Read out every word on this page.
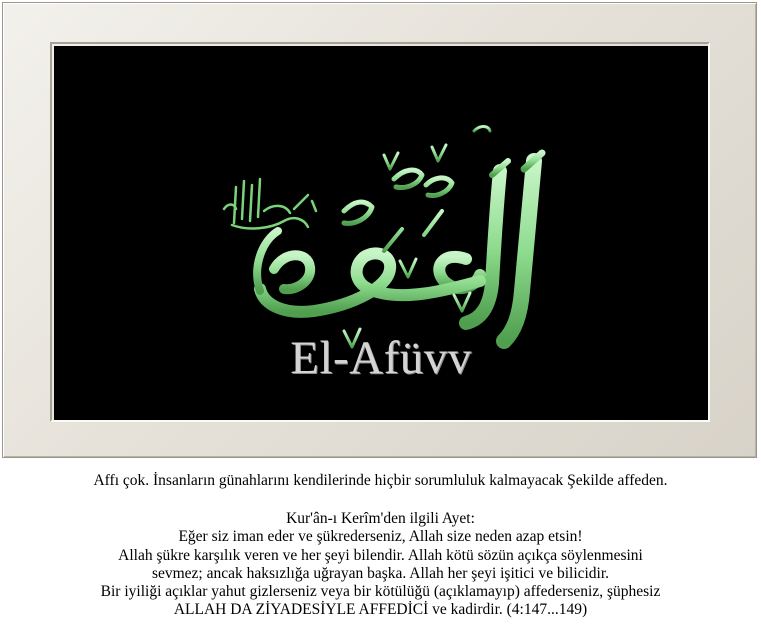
El-Afüvv
Affı çok. İnsanların günahlarını kendilerinde hiçbir sorumluluk kalmayacak Şekilde affeden.
Kur'ân-ı Kerîm'den ilgili Ayet:
Eğer siz iman eder ve şükrederseniz, Allah size neden azap etsin!
Allah şükre karşılık veren ve her şeyi bilendir. Allah kötü sözün açıkça söylenmesini
sevmez; ancak haksızlığa uğrayan başka. Allah her şeyi işitici ve bilicidir.
Bir iyiliği açıklar yahut gizlerseniz veya bir kötülüğü (açıklamayıp) affederseniz, şüphesiz
ALLAH DA ZİYADESİYLE AFFEDİCİ ve kadirdir. (4:147...149)
